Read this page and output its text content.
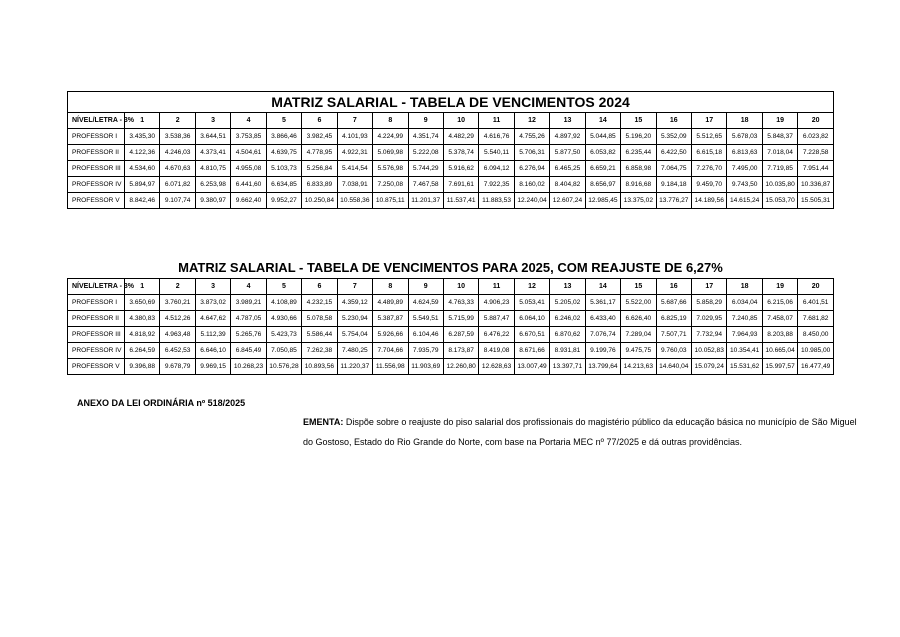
MATRIZ SALARIAL - TABELA DE VENCIMENTOS 2024																				
NÍVEL/LETRA - 3%	1	2	3	4	5	6	7	8	9	10	11	12	13	14	15	16	17	18	19	20
PROFESSOR I	3.435,30	3.538,36	3.644,51	3.753,85	3.866,46	3.982,45	4.101,93	4.224,99	4.351,74	4.482,29	4.616,76	4.755,26	4.897,92	5.044,85	5.196,20	5.352,09	5.512,65	5.678,03	5.848,37	6.023,82
PROFESSOR II	4.122,36	4.246,03	4.373,41	4.504,61	4.639,75	4.778,95	4.922,31	5.069,98	5.222,08	5.378,74	5.540,11	5.706,31	5.877,50	6.053,82	6.235,44	6.422,50	6.615,18	6.813,63	7.018,04	7.228,58
PROFESSOR III	4.534,60	4.670,63	4.810,75	4.955,08	5.103,73	5.256,84	5.414,54	5.576,98	5.744,29	5.916,62	6.094,12	6.276,94	6.465,25	6.659,21	6.858,98	7.064,75	7.276,70	7.495,00	7.719,85	7.951,44
PROFESSOR IV	5.894,97	6.071,82	6.253,98	6.441,60	6.634,85	6.833,89	7.038,91	7.250,08	7.467,58	7.691,61	7.922,35	8.160,02	8.404,82	8.656,97	8.916,68	9.184,18	9.459,70	9.743,50	10.035,80	10.336,87
PROFESSOR V	8.842,46	9.107,74	9.380,97	9.662,40	9.952,27	10.250,84	10.558,36	10.875,11	11.201,37	11.537,41	11.883,53	12.240,04	12.607,24	12.985,45	13.375,02	13.776,27	14.189,56	14.615,24	15.053,70	15.505,31
MATRIZ SALARIAL - TABELA DE VENCIMENTOS PARA 2025, COM REAJUSTE DE 6,27%																				
NÍVEL/LETRA - 3%	1	2	3	4	5	6	7	8	9	10	11	12	13	14	15	16	17	18	19	20
PROFESSOR I	3.650,69	3.760,21	3.873,02	3.989,21	4.108,89	4.232,15	4.359,12	4.489,89	4.624,59	4.763,33	4.906,23	5.053,41	5.205,02	5.361,17	5.522,00	5.687,66	5.858,29	6.034,04	6.215,06	6.401,51
PROFESSOR II	4.380,83	4.512,26	4.647,62	4.787,05	4.930,66	5.078,58	5.230,94	5.387,87	5.549,51	5.715,99	5.887,47	6.064,10	6.246,02	6.433,40	6.626,40	6.825,19	7.029,95	7.240,85	7.458,07	7.681,82
PROFESSOR III	4.818,92	4.963,48	5.112,39	5.265,76	5.423,73	5.586,44	5.754,04	5.926,66	6.104,46	6.287,59	6.476,22	6.670,51	6.870,62	7.076,74	7.289,04	7.507,71	7.732,94	7.964,93	8.203,88	8.450,00
PROFESSOR IV	6.264,59	6.452,53	6.646,10	6.845,49	7.050,85	7.262,38	7.480,25	7.704,66	7.935,79	8.173,87	8.419,08	8.671,66	8.931,81	9.199,76	9.475,75	9.760,03	10.052,83	10.354,41	10.665,04	10.985,00
PROFESSOR V	9.396,88	9.678,79	9.969,15	10.268,23	10.576,28	10.893,56	11.220,37	11.556,98	11.903,69	12.260,80	12.628,63	13.007,49	13.397,71	13.799,64	14.213,63	14.640,04	15.079,24	15.531,62	15.997,57	16.477,49
ANEXO DA LEI ORDINÁRIA nº 518/2025
EMENTA: Dispõe sobre o reajuste do piso salarial dos profissionais do magistério público da educação básica no município de São Miguel do Gostoso, Estado do Rio Grande do Norte, com base na Portaria MEC nº 77/2025 e dá outras providências.
